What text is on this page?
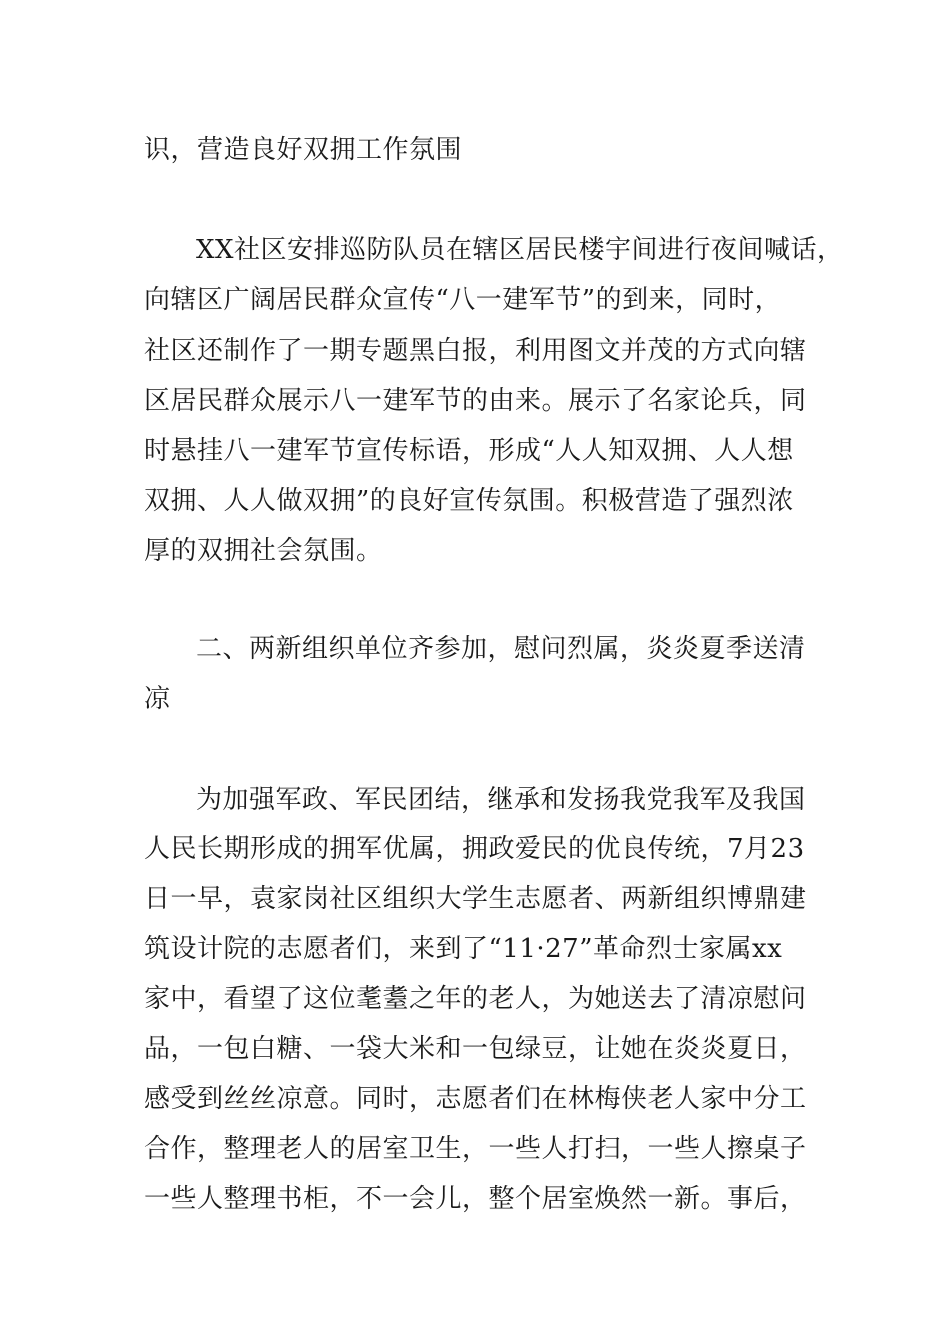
识，营造良好双拥工作氛围
XX社区安排巡防队员在辖区居民楼宇间进行夜间喊话，
向辖区广阔居民群众宣传“八一建军节”的到来，同时，
社区还制作了一期专题黑白报，利用图文并茂的方式向辖
区居民群众展示八一建军节的由来。展示了名家论兵，同
时悬挂八一建军节宣传标语，形成“人人知双拥、人人想
双拥、人人做双拥”的良好宣传氛围。积极营造了强烈浓
厚的双拥社会氛围。
二、两新组织单位齐参加，慰问烈属，炎炎夏季送清
凉
为加强军政、军民团结，继承和发扬我党我军及我国
人民长期形成的拥军优属，拥政爱民的优良传统，7月23
日一早，袁家岗社区组织大学生志愿者、两新组织博鼎建
筑设计院的志愿者们，来到了“11·27”革命烈士家属xx
家中，看望了这位耄耋之年的老人，为她送去了清凉慰问
品，一包白糖、一袋大米和一包绿豆，让她在炎炎夏日，
感受到丝丝凉意。同时，志愿者们在林梅侠老人家中分工
合作，整理老人的居室卫生，一些人打扫，一些人擦桌子
一些人整理书柜，不一会儿，整个居室焕然一新。事后，
